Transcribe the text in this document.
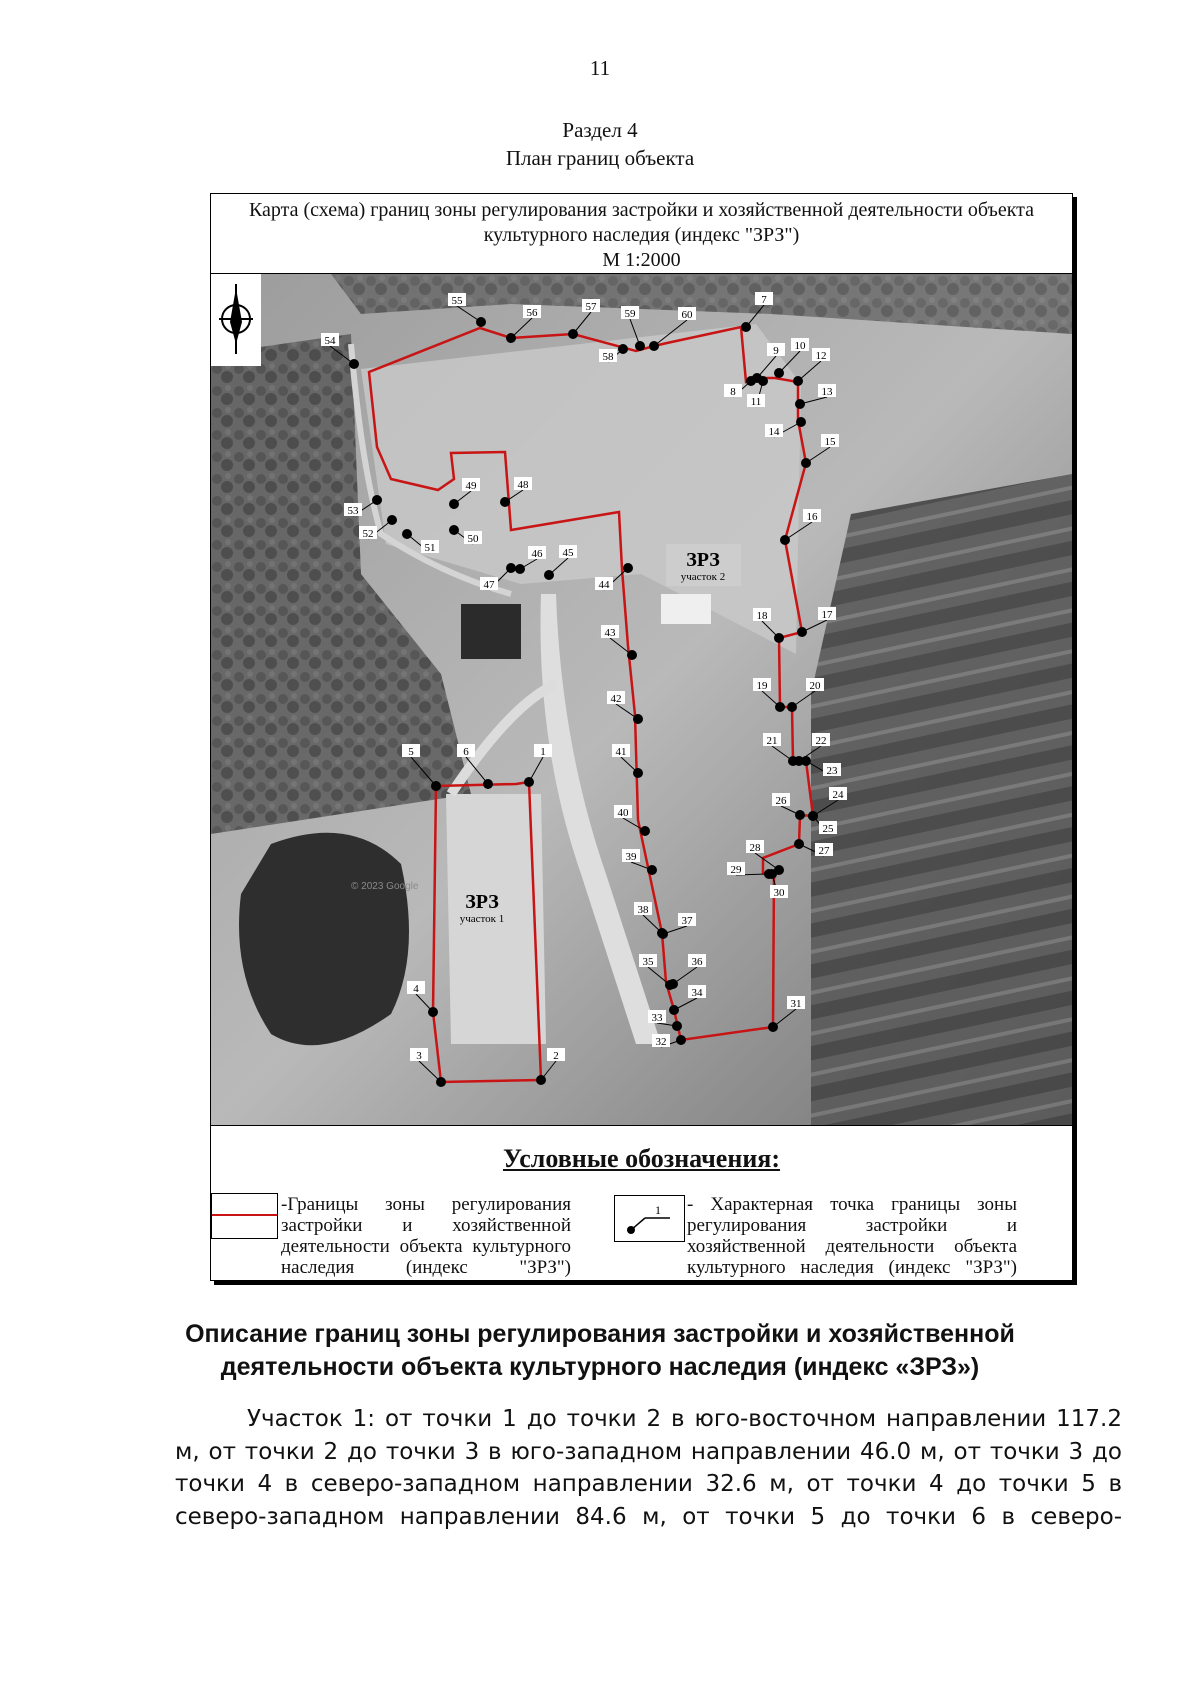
11
Раздел 4
План границ объекта
Карта (схема) границ зоны регулирования застройки и хозяйственной деятельности объекта
культурного наследия (индекс "ЗРЗ")
М 1:2000
© 2023 Google
1
2
3
4
5	6
7
8
9 10
11
12
13
14
15
16
17
18
19	20
21	22
23
24
25
26
27
28
29
30
31
32
33
34
35	36
37
38
39
40
41
42
43
44
45
46
47
48
49
50
51
52
53
54
55
56	57
58
59	60
ЗРЗ
участок 2
ЗРЗ
участок 1
Условные обозначения:
-Границы зоны регулирования застройки и хозяйственной деятельности объекта культурного наследия (индекс "ЗРЗ")
1 - Характерная точка границы зоны регулирования застройки и хозяйственной деятельности объекта культурного наследия (индекс "ЗРЗ")
Описание границ зоны регулирования застройки и хозяйственной
деятельности объекта культурного наследия (индекс «ЗРЗ»)
Участок 1: от точки 1 до точки 2 в юго-восточном направлении 117.2 м, от точки 2 до точки 3 в юго-западном направлении 46.0 м, от точки 3 до точки 4 в северо-западном направлении 32.6 м, от точки 4 до точки 5 в северо-западном направлении 84.6 м, от точки 5 до точки 6 в северо-
